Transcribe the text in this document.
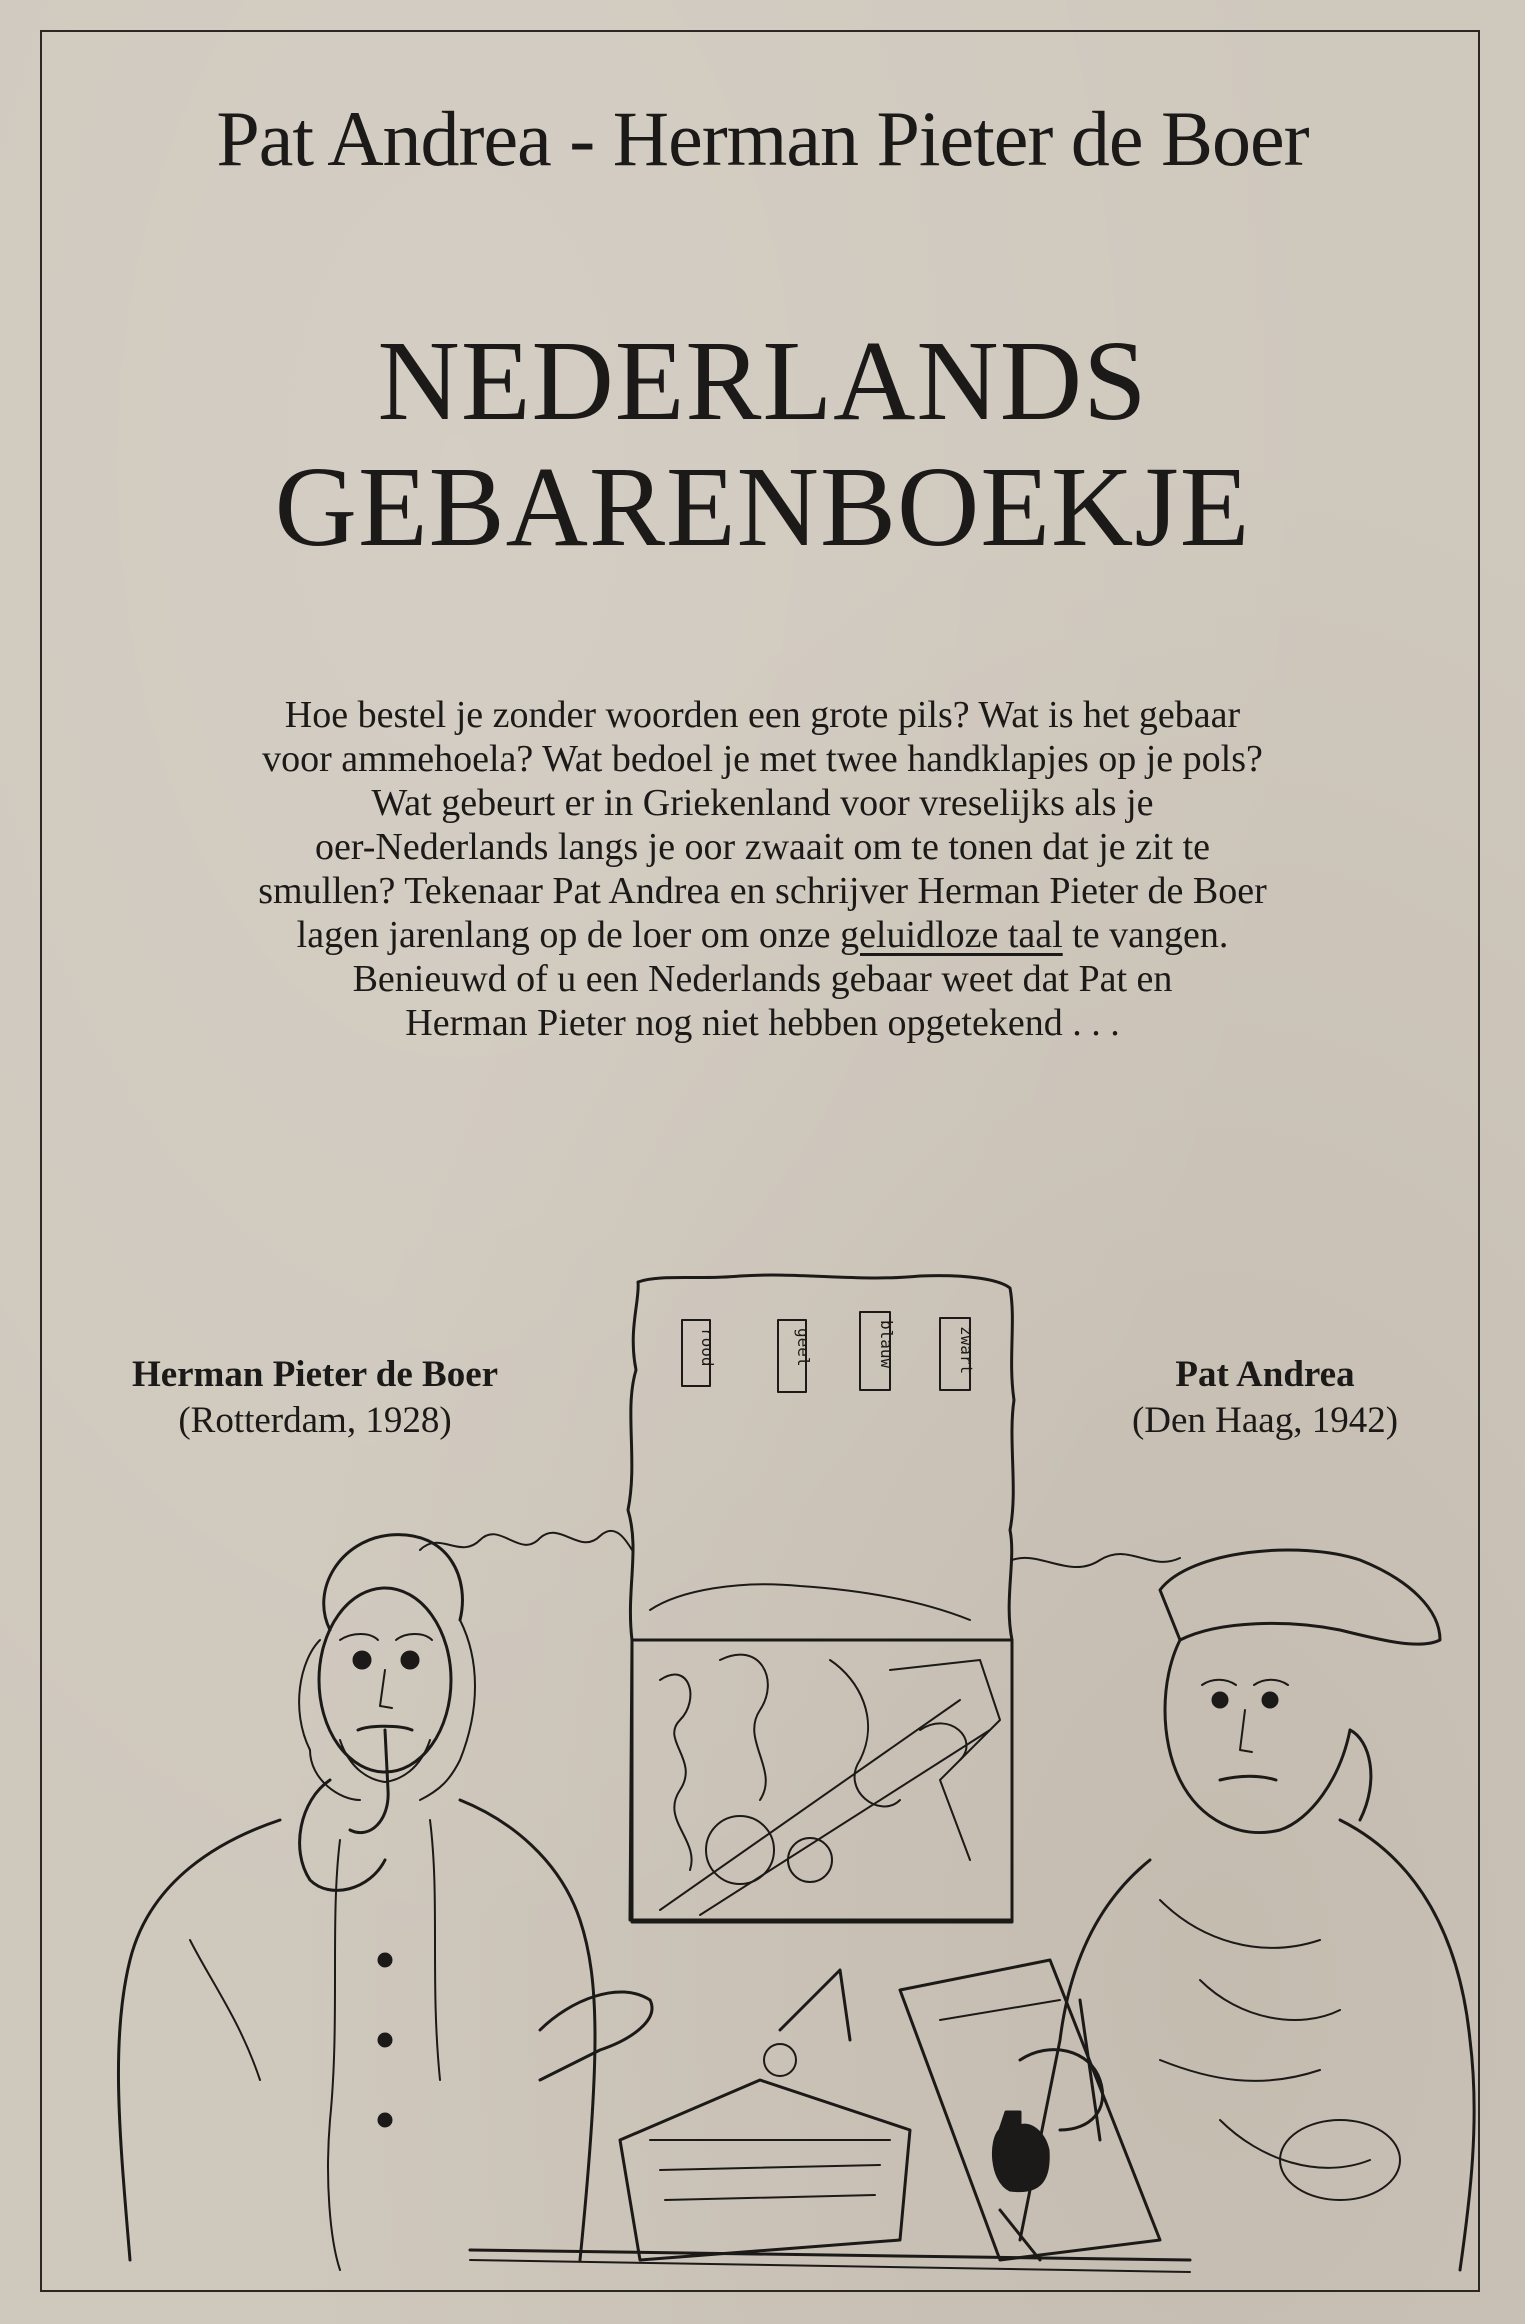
Pat Andrea - Herman Pieter de Boer
NEDERLANDS
GEBARENBOEKJE
Hoe bestel je zonder woorden een grote pils? Wat is het gebaar
voor ammehoela? Wat bedoel je met twee handklapjes op je pols?
Wat gebeurt er in Griekenland voor vreselijks als je
oer-Nederlands langs je oor zwaait om te tonen dat je zit te
smullen? Tekenaar Pat Andrea en schrijver Herman Pieter de Boer
lagen jarenlang op de loer om onze geluidloze taal te vangen.
Benieuwd of u een Nederlands gebaar weet dat Pat en
Herman Pieter nog niet hebben opgetekend . . .
Herman Pieter de Boer
(Rotterdam, 1928)
Pat Andrea
(Den Haag, 1942)
rood	geel	blauw	zwart
